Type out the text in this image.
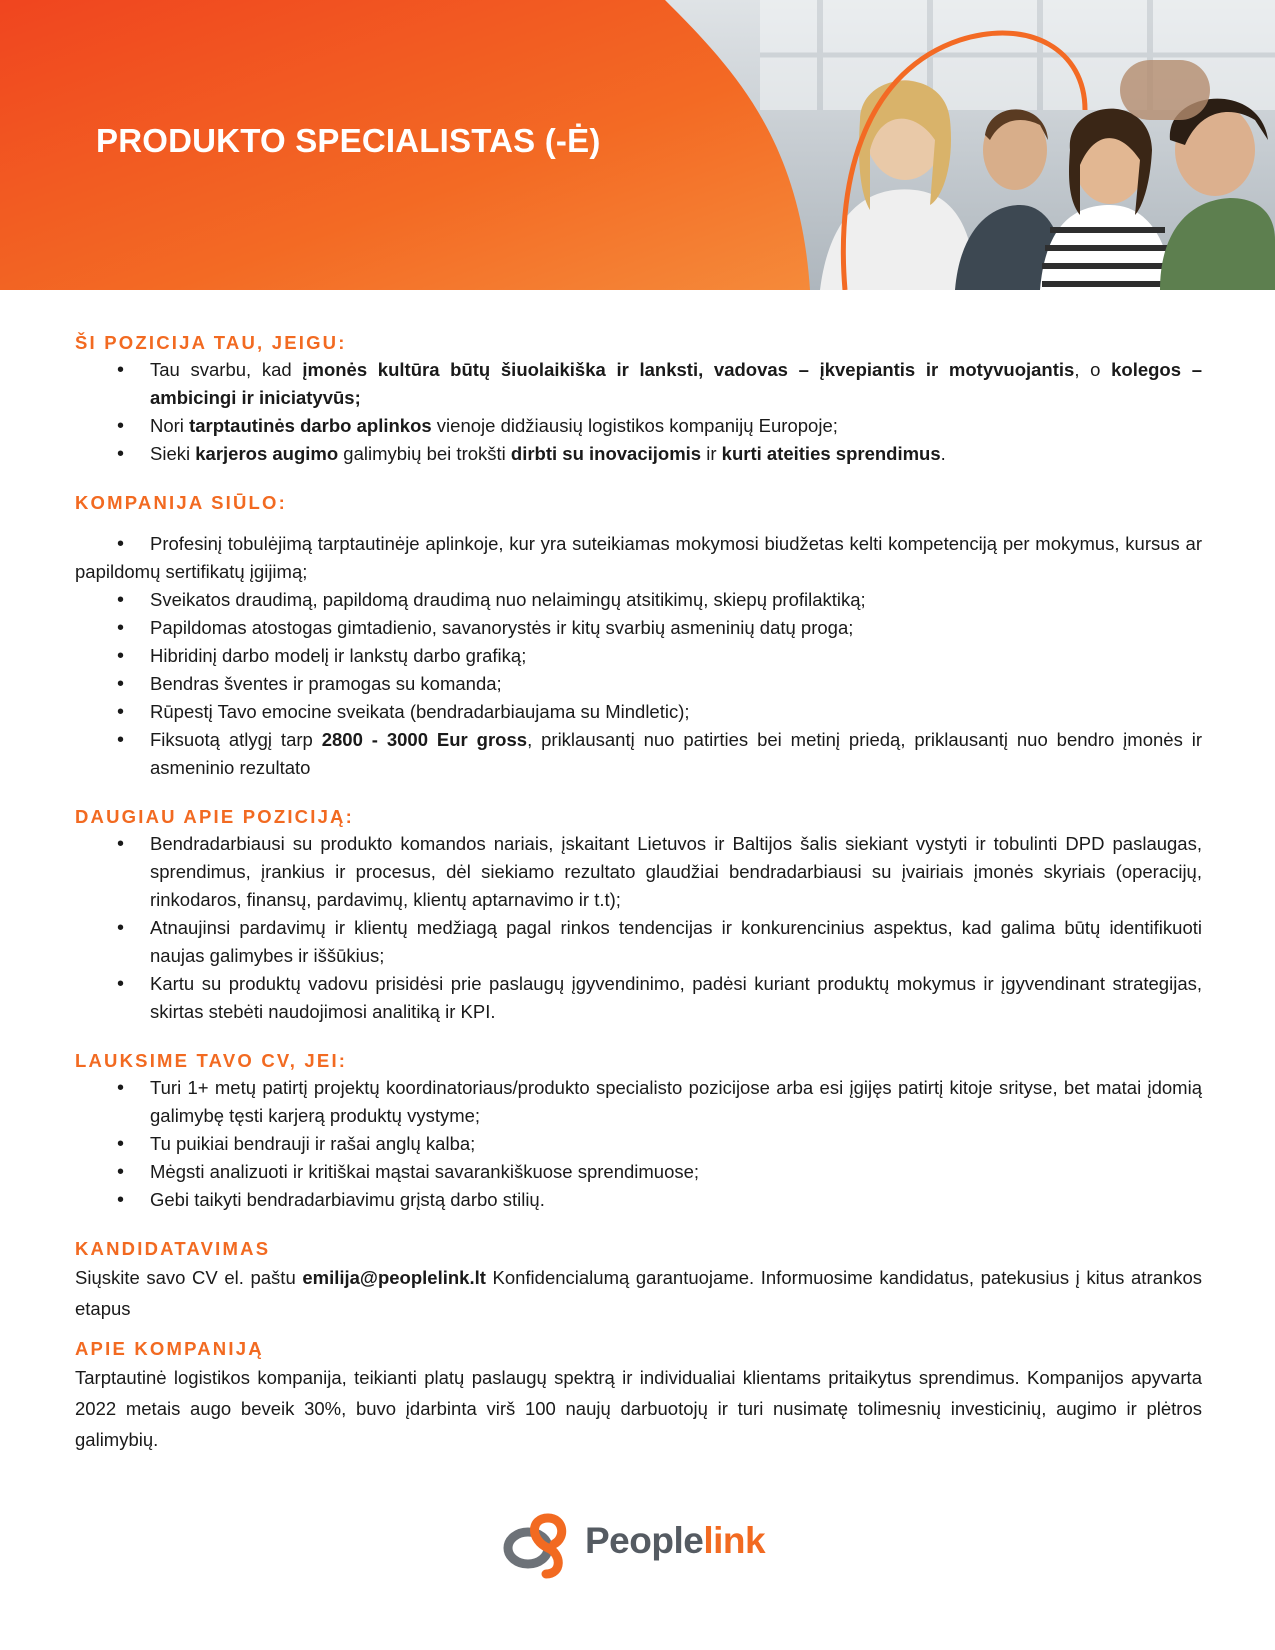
PRODUKTO SPECIALISTAS (-Ė)
ŠI POZICIJA TAU, JEIGU:
• Tau svarbu, kad įmonės kultūra būtų šiuolaikiška ir lanksti, vadovas – įkvepiantis ir motyvuojantis, o kolegos – ambicingi ir iniciatyvūs;
• Nori tarptautinės darbo aplinkos vienoje didžiausių logistikos kompanijų Europoje;
• Sieki karjeros augimo galimybių bei trokšti dirbti su inovacijomis ir kurti ateities sprendimus.
KOMPANIJA SIŪLO:
• Profesinį tobulėjimą tarptautinėje aplinkoje, kur yra suteikiamas mokymosi biudžetas kelti kompetenciją per mokymus, kursus ar papildomų sertifikatų įgijimą;
• Sveikatos draudimą, papildomą draudimą nuo nelaimingų atsitikimų, skiepų profilaktiką;
• Papildomas atostogas gimtadienio, savanorystės ir kitų svarbių asmeninių datų proga;
• Hibridinį darbo modelį ir lankstų darbo grafiką;
• Bendras šventes ir pramogas su komanda;
• Rūpestį Tavo emocine sveikata (bendradarbiaujama su Mindletic);
• Fiksuotą atlygį tarp 2800 - 3000 Eur gross, priklausantį nuo patirties bei metinį priedą, priklausantį nuo bendro įmonės ir asmeninio rezultato
DAUGIAU APIE POZICIJĄ:
• Bendradarbiausi su produkto komandos nariais, įskaitant Lietuvos ir Baltijos šalis siekiant vystyti ir tobulinti DPD paslaugas, sprendimus, įrankius ir procesus, dėl siekiamo rezultato glaudžiai bendradarbiausi su įvairiais įmonės skyriais (operacijų, rinkodaros, finansų, pardavimų, klientų aptarnavimo ir t.t);
• Atnaujinsi pardavimų ir klientų medžiagą pagal rinkos tendencijas ir konkurencinius aspektus, kad galima būtų identifikuoti naujas galimybes ir iššūkius;
• Kartu su produktų vadovu prisidėsi prie paslaugų įgyvendinimo, padėsi kuriant produktų mokymus ir įgyvendinant strategijas, skirtas stebėti naudojimosi analitiką ir KPI.
LAUKSIME TAVO CV, JEI:
• Turi 1+ metų patirtį projektų koordinatoriaus/produkto specialisto pozicijose arba esi įgijęs patirtį kitoje srityse, bet matai įdomią galimybę tęsti karjerą produktų vystyme;
• Tu puikiai bendrauji ir rašai anglų kalba;
• Mėgsti analizuoti ir kritiškai mąstai savarankiškuose sprendimuose;
• Gebi taikyti bendradarbiavimu grįstą darbo stilių.
KANDIDATAVIMAS

Siųskite savo CV el. paštu emilija@peoplelink.lt Konfidencialumą garantuojame. Informuosime kandidatus, patekusius į kitus atrankos etapus

APIE KOMPANIJĄ

Tarptautinė logistikos kompanija, teikianti platų paslaugų spektrą ir individualiai klientams pritaikytus sprendimus. Kompanijos apyvarta 2022 metais augo beveik 30%, buvo įdarbinta virš 100 naujų darbuotojų ir turi nusimatę tolimesnių investicinių, augimo ir plėtros galimybių.

Peoplelink
